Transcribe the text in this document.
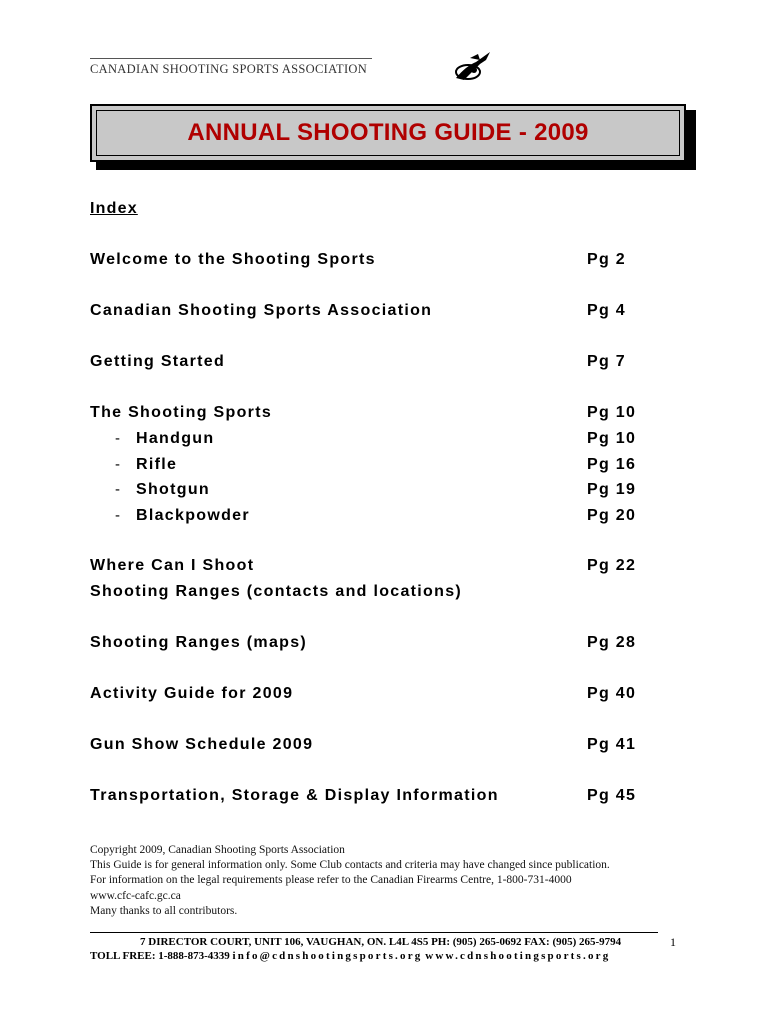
CANADIAN SHOOTING SPORTS ASSOCIATION
ANNUAL SHOOTING GUIDE - 2009
Index
Welcome to the Shooting Sports	Pg 2
Canadian Shooting Sports Association	Pg 4
Getting Started	Pg 7
The Shooting Sports	Pg 10
- Handgun	Pg 10
- Rifle	Pg 16
- Shotgun	Pg 19
- Blackpowder	Pg 20
Where Can I Shoot	Pg 22
Shooting Ranges (contacts and locations)
Shooting Ranges (maps)	Pg 28
Activity Guide for 2009	Pg 40
Gun Show Schedule 2009	Pg 41
Transportation, Storage & Display Information	Pg 45
Copyright 2009, Canadian Shooting Sports Association
This Guide is for general information only. Some Club contacts and criteria may have changed since publication.
For information on the legal requirements please refer to the Canadian Firearms Centre, 1-800-731-4000
www.cfc-cafc.gc.ca
Many thanks to all contributors.
7 DIRECTOR COURT, UNIT 106, VAUGHAN, ON. L4L 4S5 PH: (905) 265-0692 FAX: (905) 265-9794
TOLL FREE: 1-888-873-4339 info@cdnshootingsports.org www.cdnshootingsports.org
1
